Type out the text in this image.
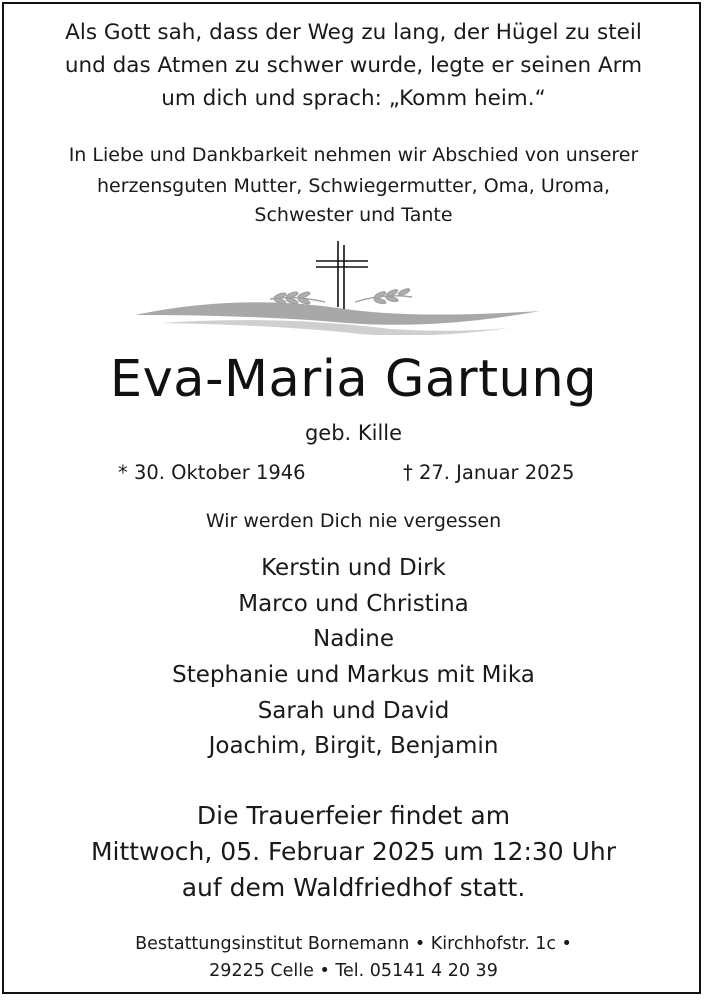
Als Gott sah, dass der Weg zu lang, der Hügel zu steil
und das Atmen zu schwer wurde, legte er seinen Arm
um dich und sprach: „Komm heim.“
In Liebe und Dankbarkeit nehmen wir Abschied von unserer
herzensguten Mutter, Schwiegermutter, Oma, Uroma,
Schwester und Tante
Eva-Maria Gartung
geb. Kille
* 30. Oktober 1946	† 27. Januar 2025
Wir werden Dich nie vergessen
Kerstin und Dirk
Marco und Christina
Nadine
Stephanie und Markus mit Mika
Sarah und David
Joachim, Birgit, Benjamin
Die Trauerfeier findet am
Mittwoch, 05. Februar 2025 um 12:30 Uhr
auf dem Waldfriedhof statt.
Bestattungsinstitut Bornemann • Kirchhofstr. 1c •
29225 Celle • Tel. 05141 4 20 39
